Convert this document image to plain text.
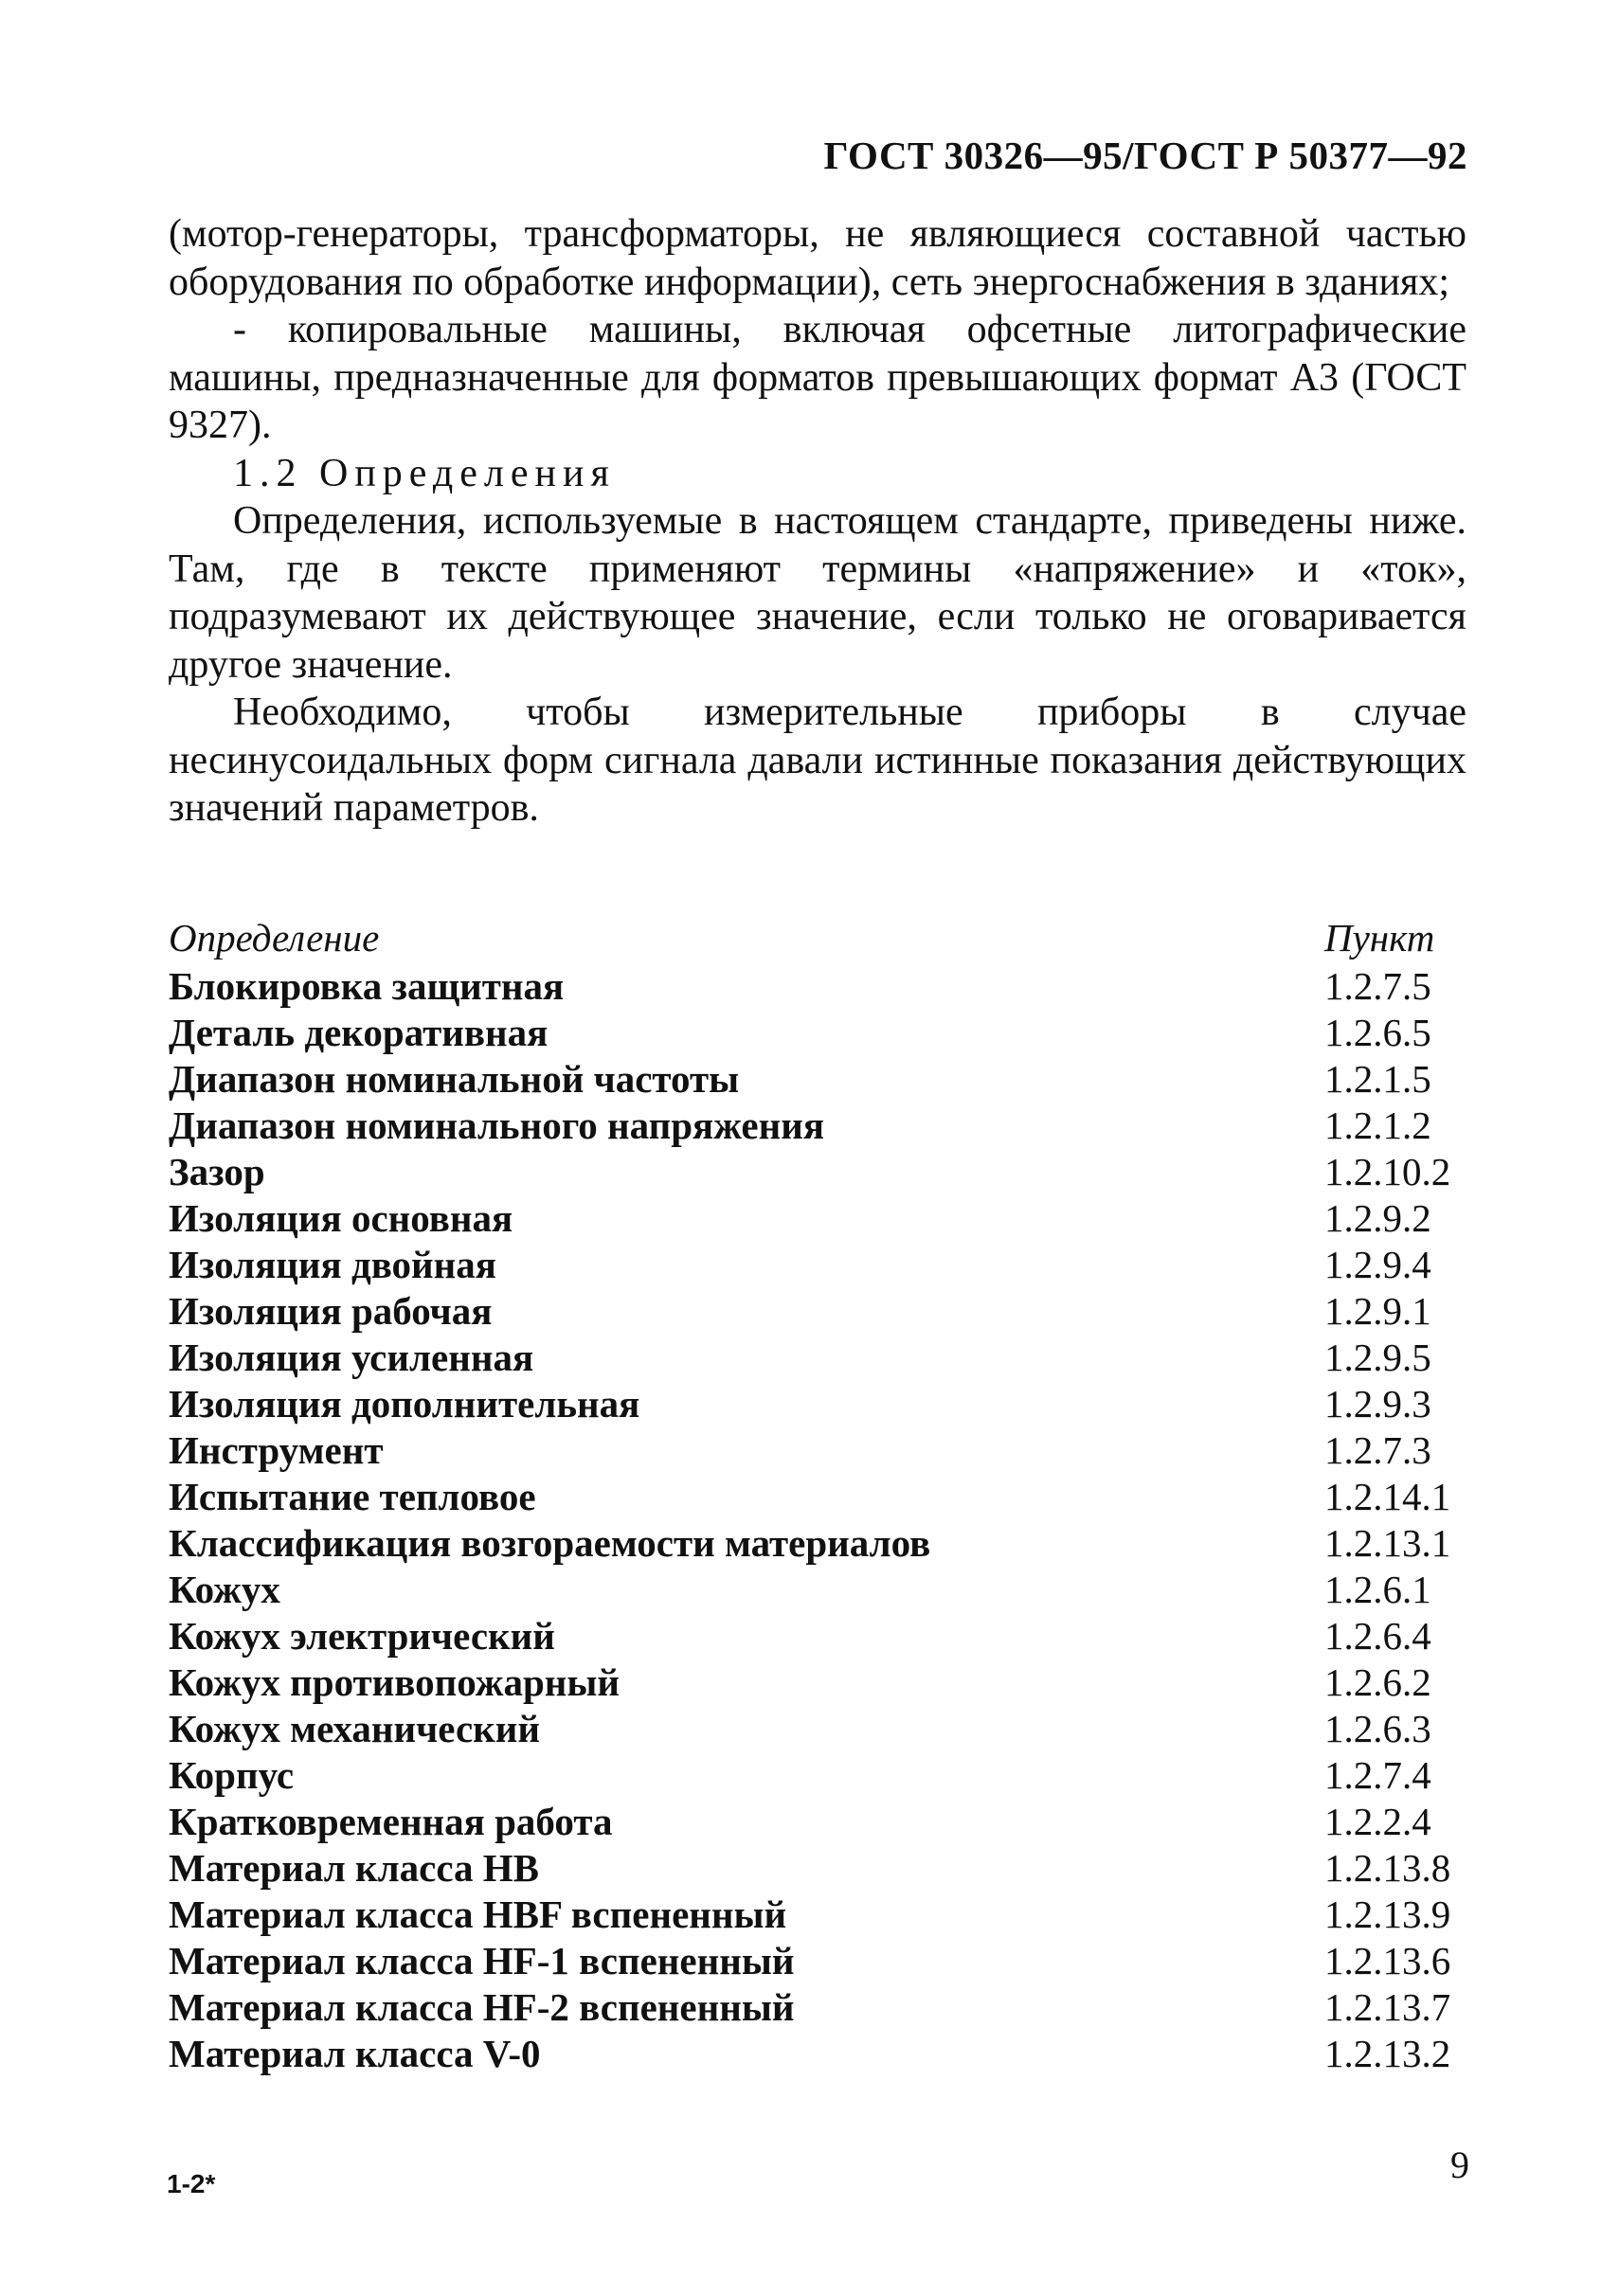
ГОСТ 30326—95/ГОСТ Р 50377—92

(мотор-генераторы, трансформаторы, не являющиеся составной частью оборудования по обработке информации), сеть энергоснабжения в зданиях;

- копировальные машины, включая офсетные литографические машины, предназначенные для форматов превышающих формат А3 (ГОСТ 9327).

1.2 Определения

Определения, используемые в настоящем стандарте, приведены ниже. Там, где в тексте применяют термины «напряжение» и «ток», подразумевают их действующее значение, если только не оговаривается другое значение.

Необходимо, чтобы измерительные приборы в случае несинусоидальных форм сигнала давали истинные показания действующих значений параметров.

Определение	Пункт
Блокировка защитная	1.2.7.5
Деталь декоративная	1.2.6.5
Диапазон номинальной частоты	1.2.1.5
Диапазон номинального напряжения	1.2.1.2
Зазор	1.2.10.2
Изоляция основная	1.2.9.2
Изоляция двойная	1.2.9.4
Изоляция рабочая	1.2.9.1
Изоляция усиленная	1.2.9.5
Изоляция дополнительная	1.2.9.3
Инструмент	1.2.7.3
Испытание тепловое	1.2.14.1
Классификация возгораемости материалов	1.2.13.1
Кожух	1.2.6.1
Кожух электрический	1.2.6.4
Кожух противопожарный	1.2.6.2
Кожух механический	1.2.6.3
Корпус	1.2.7.4
Кратковременная работа	1.2.2.4
Материал класса НВ	1.2.13.8
Материал класса HBF вспененный	1.2.13.9
Материал класса HF-1 вспененный	1.2.13.6
Материал класса HF-2 вспененный	1.2.13.7
Материал класса V-0	1.2.13.2
1-2*	9
